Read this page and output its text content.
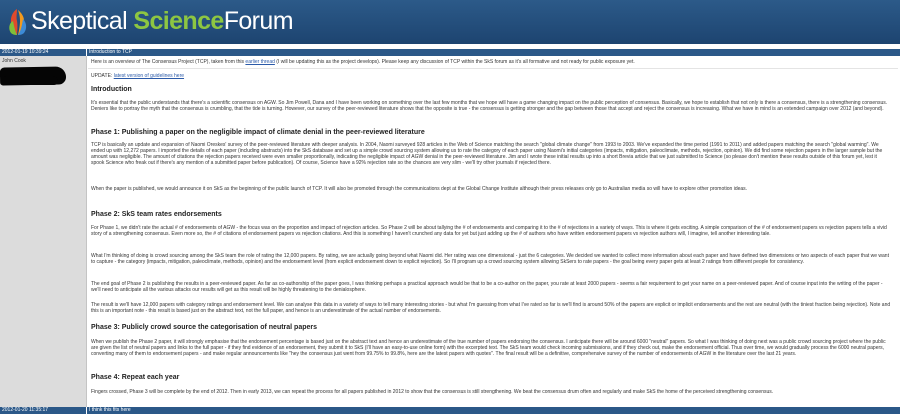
Skeptical ScienceForum
2012-01-19 10:39:24	Introduction to TCP
John Cook	Here is an overview of The Consensus Project (TCP), taken from this earlier thread (I will be updating this as the project develops). Please keep any discussion of TCP within the SkS forum as it's all formative and not ready for public exposure yet.

UPDATE: latest version of guidelines here

Introduction

It's essential that the public understands that there's a scientific consensus on AGW. So Jim Powell, Dana and I have been working on something over the last few months that we hope will have a game changing impact on the public perception of consensus. Basically, we hope to establish that not only is there a consensus, there is a strengthening consensus. Deniers like to portray the myth that the consensus is crumbling, that the tide is turning. However, our survey of the peer-reviewed literature shows that the opposite is true - the consensus is getting stronger and the gap between those that accept and reject the consensus is increasing. What we have in mind is an extended campaign over 2012 (and beyond).

Phase 1: Publishing a paper on the negligible impact of climate denial in the peer-reviewed literature

TCP is basically an update and expansion of Naomi Oreskes' survey of the peer-reviewed literature with deeper analysis. In 2004, Naomi surveyed 928 articles in the Web of Science matching the search "global climate change" from 1993 to 2003. We've expanded the time period (1991 to 2011) and added papers matching the search "global warming". We ended up with 12,272 papers. I imported the details of each paper (including abstracts) into the SkS database and set up a simple crowd sourcing system allowing us to rate the category of each paper using Naomi's initial categories (impacts, mitigation, paleoclimate, methods, rejection, opinion). We did find some rejection papers in the larger sample but the amount was negligible. The amount of citations the rejection papers received were even smaller proportionally, indicating the negligible impact of AGW denial in the peer-reviewed literature. Jim and I wrote these initial results up into a short Brevia article that we just submitted to Science (so please don't mention these results outside of this forum yet, lest it spook Science who freak out if there's any mention of a submitted paper before publication). Of course, Science have a 92% rejection rate so the chances are very slim - we'll try other journals if rejected there.

When the paper is published, we would announce it on SkS as the beginning of the public launch of TCP. It will also be promoted through the communications dept at the Global Change Institute although their press releases only go to Australian media so will have to explore other promotion ideas.

Phase 2: SkS team rates endorsements

For Phase 1, we didn't rate the actual # of endorsements of AGW - the focus was on the proportion and impact of rejection articles. So Phase 2 will be about tallying the # of endorsements and comparing it to the # of rejections in a variety of ways. This is where it gets exciting. A simple comparison of the # of endorsement papers vs rejection papers tells a vivid story of a strengthening consensus. Even more so, the # of citations of endorsement papers vs rejection citations. And this is something I haven't crunched any data for yet but just adding up the # of authors who have written endorsement papers vs rejection authors will, I imagine, tell another interesting tale.

What I'm thinking of doing is crowd sourcing among the SkS team the role of rating the 12,000 papers. By rating, we are actually going beyond what Naomi did. Her rating was one dimensional - just the 6 categories. We decided we wanted to collect more information about each paper and have defined two dimensions or two aspects of each paper that we want to capture - the category (impacts, mitigation, paleoclimate, methods, opinion) and the endorsement level (from explicit endorsement down to explicit rejection). So I'll program up a crowd sourcing system allowing SkSers to rate papers - the goal being every paper gets at least 2 ratings from different people for consistency.

The end goal of Phase 2 is publishing the results in a peer-reviewed paper. As far as co-authorship of the paper goes, I was thinking perhaps a practical approach would be that to be a co-author on the paper, you rate at least 2000 papers - seems a fair requirement to get your name on a peer-reviewed paper. And of course input into the writing of the paper - we'll need to anticipate all the various attacks our results will get as this result will be highly threatening to the denialosphere.

The result is we'll have 12,000 papers with category ratings and endorsement level. We can analyse this data in a variety of ways to tell many interesting stories - but what I'm guessing from what I've rated so far is we'll find is around 50% of the papers are explicit or implicit endorsements and the rest are neutral (with the tiniest fraction being rejection). Note and this is an important note - this result is based just on the abstract text, not the full paper, and hence is an underestimate of the actual number of endorsements.

Phase 3: Publicly crowd source the categorisation of neutral papers

When we publish the Phase 2 paper, it will strongly emphasise that the endorsement percentage is based just on the abstract text and hence an underestimate of the true number of papers endorsing the consensus. I anticipate there will be around 6000 "neutral" papers. So what I was thinking of doing next was a public crowd sourcing project where the public are given the list of neutral papers and links to the full paper - if they find evidence of an endorsement, they submit it to SkS (I'll have an easy-to-use online form) with the excerpted text. The SkS team would check incoming submissions, and if they check out, make the endorsement official. Thus over time, we would gradually process the 6000 neutral papers, converting many of them to endorsement papers - and make regular announcements like "hey the consensus just went from 99.75% to 99.8%, here are the latest papers with quotes". The final result will be a definitive, comprehensive survey of the number of endorsements of AGW in the literature over the last 21 years.

Phase 4: Repeat each year

Fingers crossed, Phase 3 will be complete by the end of 2012. Then in early 2013, we can repeat the process for all papers published in 2012 to show that the consensus is still strengthening. We beat the consensus drum often and regularly and make SkS the home of the perceived strengthening consensus.

2012-01-20 11:35:17	I think this fits here
